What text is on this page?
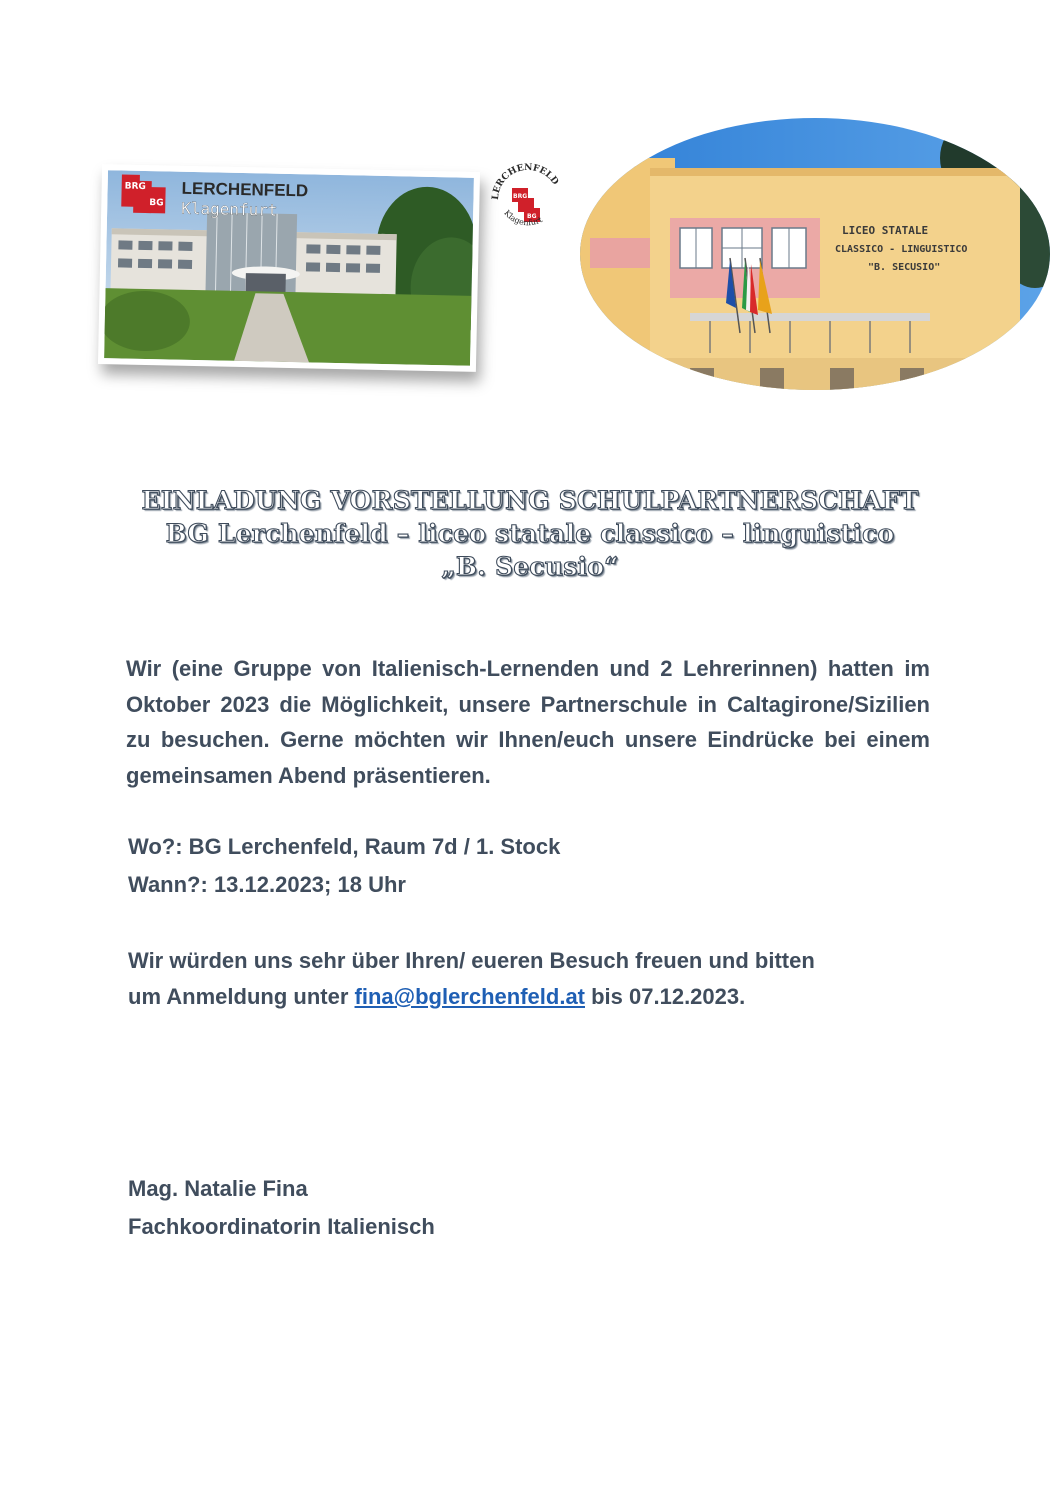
BRG
BG
LERCHENFELD
Klagenfurt
LERCHENFELD
BRG
BG
Klagenfurt
LICEO STATALE
CLASSICO - LINGUISTICO
"B. SECUSIO"
EINLADUNG VORSTELLUNG SCHULPARTNERSCHAFT
BG Lerchenfeld – liceo statale classico – linguistico
„B. Secusio“
Wir (eine Gruppe von Italienisch-Lernenden und 2 Lehrerinnen) hatten im Oktober 2023 die Möglichkeit, unsere Partnerschule in Caltagirone/Sizilien zu besuchen. Gerne möchten wir Ihnen/euch unsere Eindrücke bei einem gemeinsamen Abend präsentieren.
Wo?: BG Lerchenfeld, Raum 7d / 1. Stock
Wann?: 13.12.2023; 18 Uhr
Wir würden uns sehr über Ihren/ eueren Besuch freuen und bitten
um Anmeldung unter fina@bglerchenfeld.at bis 07.12.2023.
Mag. Natalie Fina
Fachkoordinatorin Italienisch
